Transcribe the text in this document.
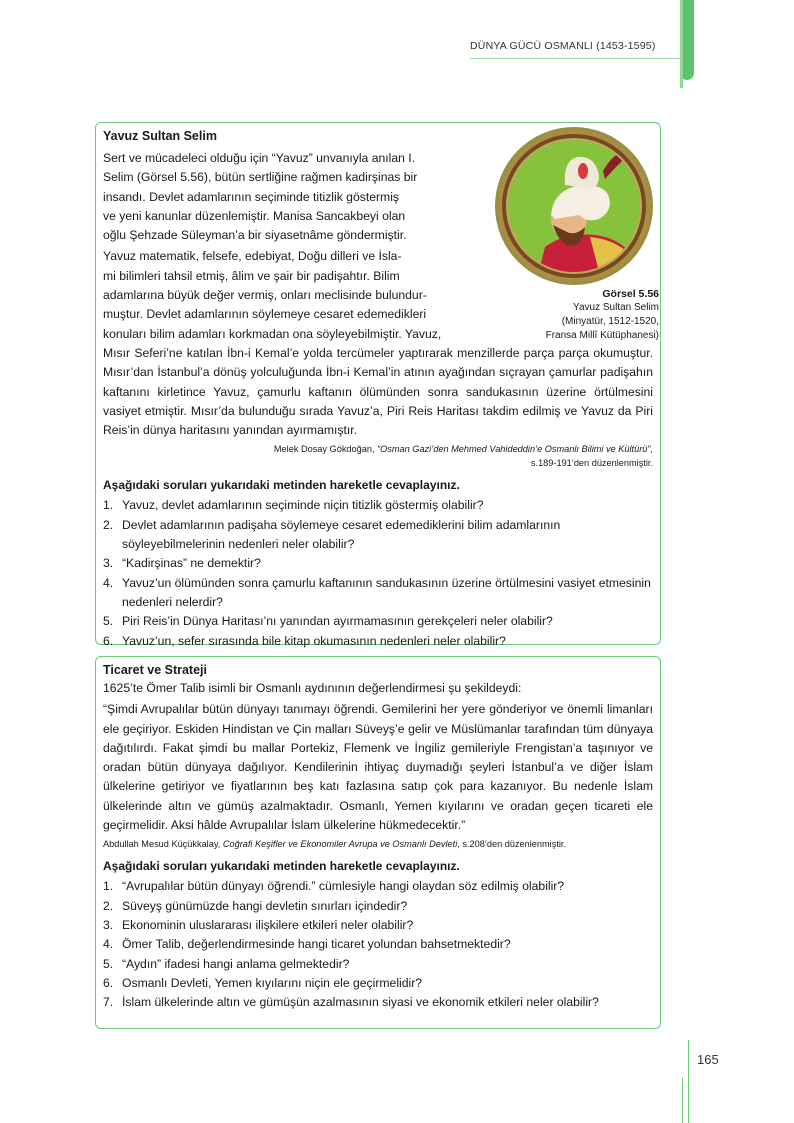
DÜNYA GÜCÜ OSMANLI (1453-1595)
Görsel 5.56
Yavuz Sultan Selim
(Minyatür, 1512-1520,
Fransa Millî Kütüphanesi)
Yavuz Sultan Selim

Sert ve mücadeleci olduğu için “Yavuz” unvanıyla anılan I.

Selim (Görsel 5.56), bütün sertliğine rağmen kadirşinas bir

insandı. Devlet adamlarının seçiminde titizlik göstermiş

ve yeni kanunlar düzenlemiştir. Manisa Sancakbeyi olan

oğlu Şehzade Süleyman’a bir siyasetnâme göndermiştir.

Yavuz matematik, felsefe, edebiyat, Doğu dilleri ve İsla-

mi bilimleri tahsil etmiş, âlim ve şair bir padişahtır. Bilim

adamlarına büyük değer vermiş, onları meclisinde bulundur-

muştur. Devlet adamlarının söylemeye cesaret edemedikleri

konuları bilim adamları korkmadan ona söyleyebilmiştir. Yavuz,

Mısır Seferi’ne katılan İbn-i Kemal’e yolda tercümeler yaptırarak menzillerde parça parça okumuştur. Mısır’dan İstanbul’a dönüş yolculuğunda İbn-i Kemal’in atının ayağından sıçrayan çamurlar padişahın kaftanını kirletince Yavuz, çamurlu kaftanın ölümünden sonra sandukasının üzerine örtülmesini vasiyet etmiştir. Mısır’da bulunduğu sırada Yavuz’a, Piri Reis Haritası takdim edilmiş ve Yavuz da Piri Reis’in dünya haritasını yanından ayırmamıştır.

Melek Dosay Gökdoğan, “Osman Gazi’den Mehmed Vahideddin’e Osmanlı Bilimi ve Kültürü”,
s.189-191’den düzenlenmiştir.
Aşağıdaki soruları yukarıdaki metinden hareketle cevaplayınız.
1. Yavuz, devlet adamlarının seçiminde niçin titizlik göstermiş olabilir?
2. Devlet adamlarının padişaha söylemeye cesaret edemediklerini bilim adamlarının söyleyebilmelerinin nedenleri neler olabilir?
3. “Kadirşinas” ne demektir?
4. Yavuz’un ölümünden sonra çamurlu kaftanının sandukasının üzerine örtülmesini vasiyet etmesinin nedenleri nelerdir?
5. Piri Reis’in Dünya Haritası’nı yanından ayırmamasının gerekçeleri neler olabilir?
6. Yavuz’un, sefer sırasında bile kitap okumasının nedenleri neler olabilir?
Ticaret ve Strateji

1625’te Ömer Talib isimli bir Osmanlı aydınının değerlendirmesi şu şekildeydi:

“Şimdi Avrupalılar bütün dünyayı tanımayı öğrendi. Gemilerini her yere gönderiyor ve önemli limanları ele geçiriyor. Eskiden Hindistan ve Çin malları Süveyş’e gelir ve Müslümanlar tarafından tüm dünyaya dağıtılırdı. Fakat şimdi bu mallar Portekiz, Flemenk ve İngiliz gemileriyle Frengistan’a taşınıyor ve oradan bütün dünyaya dağılıyor. Kendilerinin ihtiyaç duymadığı şeyleri İstanbul’a ve diğer İslam ülkelerine getiriyor ve fiyatlarının beş katı fazlasına satıp çok para kazanıyor. Bu nedenle İslam ülkelerinde altın ve gümüş azalmaktadır. Osmanlı, Yemen kıyılarını ve oradan geçen ticareti ele geçirmelidir. Aksi hâlde Avrupalılar İslam ülkelerine hükmedecektir.”

Abdullah Mesud Küçükkalay, Coğrafi Keşifler ve Ekonomiler Avrupa ve Osmanlı Devleti, s.208’den düzenlenmiştir.
Aşağıdaki soruları yukarıdaki metinden hareketle cevaplayınız.
1. “Avrupalılar bütün dünyayı öğrendi.” cümlesiyle hangi olaydan söz edilmiş olabilir?
2. Süveyş günümüzde hangi devletin sınırları içindedir?
3. Ekonominin uluslararası ilişkilere etkileri neler olabilir?
4. Ömer Talib, değerlendirmesinde hangi ticaret yolundan bahsetmektedir?
5. “Aydın” ifadesi hangi anlama gelmektedir?
6. Osmanlı Devleti, Yemen kıyılarını niçin ele geçirmelidir?
7. İslam ülkelerinde altın ve gümüşün azalmasının siyasi ve ekonomik etkileri neler olabilir?
165
